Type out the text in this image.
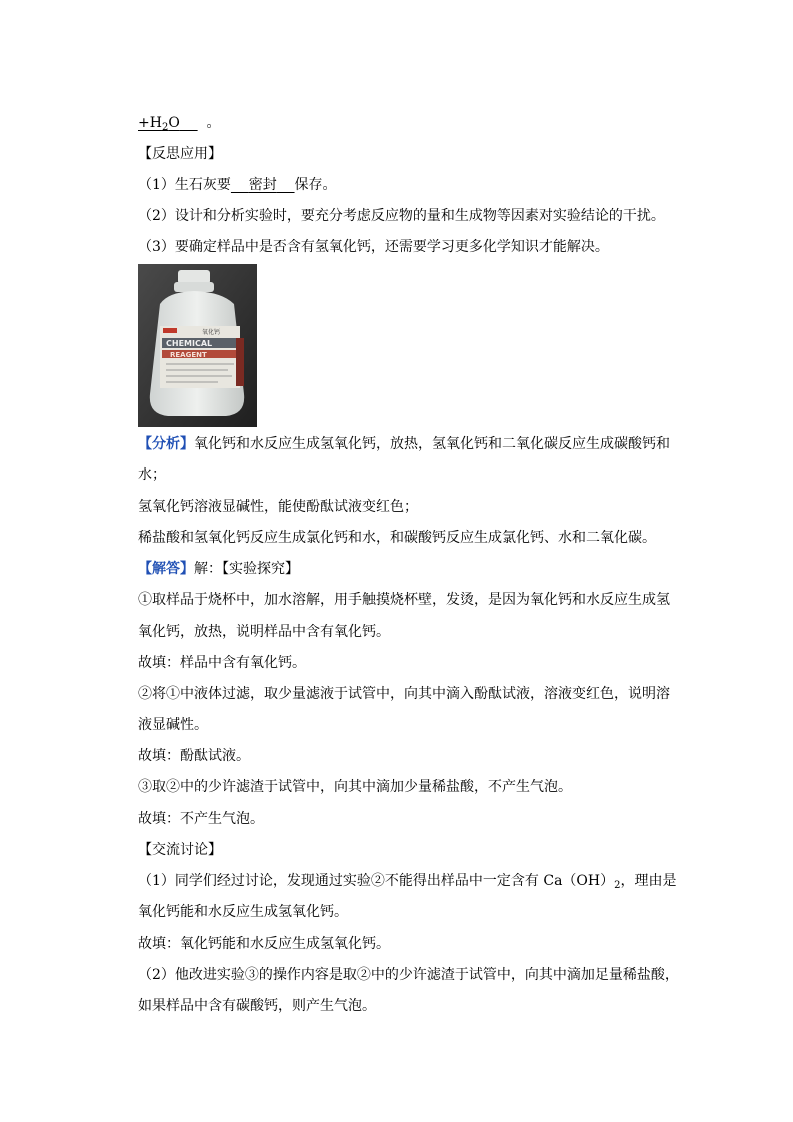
$+H_2O$ 。
【反思应用】
（1）生石灰要 密封 保存。
（2）设计和分析实验时，要充分考虑反应物的量和生成物等因素对实验结论的干扰。
（3）要确定样品中是否含有氢氧化钙，还需要学习更多化学知识才能解决。
氧化钙
CHEMICAL
REAGENT
【分析】氧化钙和水反应生成氢氧化钙，放热，氢氧化钙和二氧化碳反应生成碳酸钙和
水；
氢氧化钙溶液显碱性，能使酚酞试液变红色；
稀盐酸和氢氧化钙反应生成氯化钙和水，和碳酸钙反应生成氯化钙、水和二氧化碳。
【解答】解：【实验探究】
①取样品于烧杯中，加水溶解，用手触摸烧杯壁，发烫，是因为氧化钙和水反应生成氢
氧化钙，放热，说明样品中含有氧化钙。
故填：样品中含有氧化钙。
②将①中液体过滤，取少量滤液于试管中，向其中滴入酚酞试液，溶液变红色，说明溶
液显碱性。
故填：酚酞试液。
③取②中的少许滤渣于试管中，向其中滴加少量稀盐酸，不产生气泡。
故填：不产生气泡。
【交流讨论】
（1）同学们经过讨论，发现通过实验②不能得出样品中一定含有 $Ca(OH)_2$，理由是
氧化钙能和水反应生成氢氧化钙。
故填：氧化钙能和水反应生成氢氧化钙。
（2）他改进实验③的操作内容是取②中的少许滤渣于试管中，向其中滴加足量稀盐酸，
如果样品中含有碳酸钙，则产生气泡。
